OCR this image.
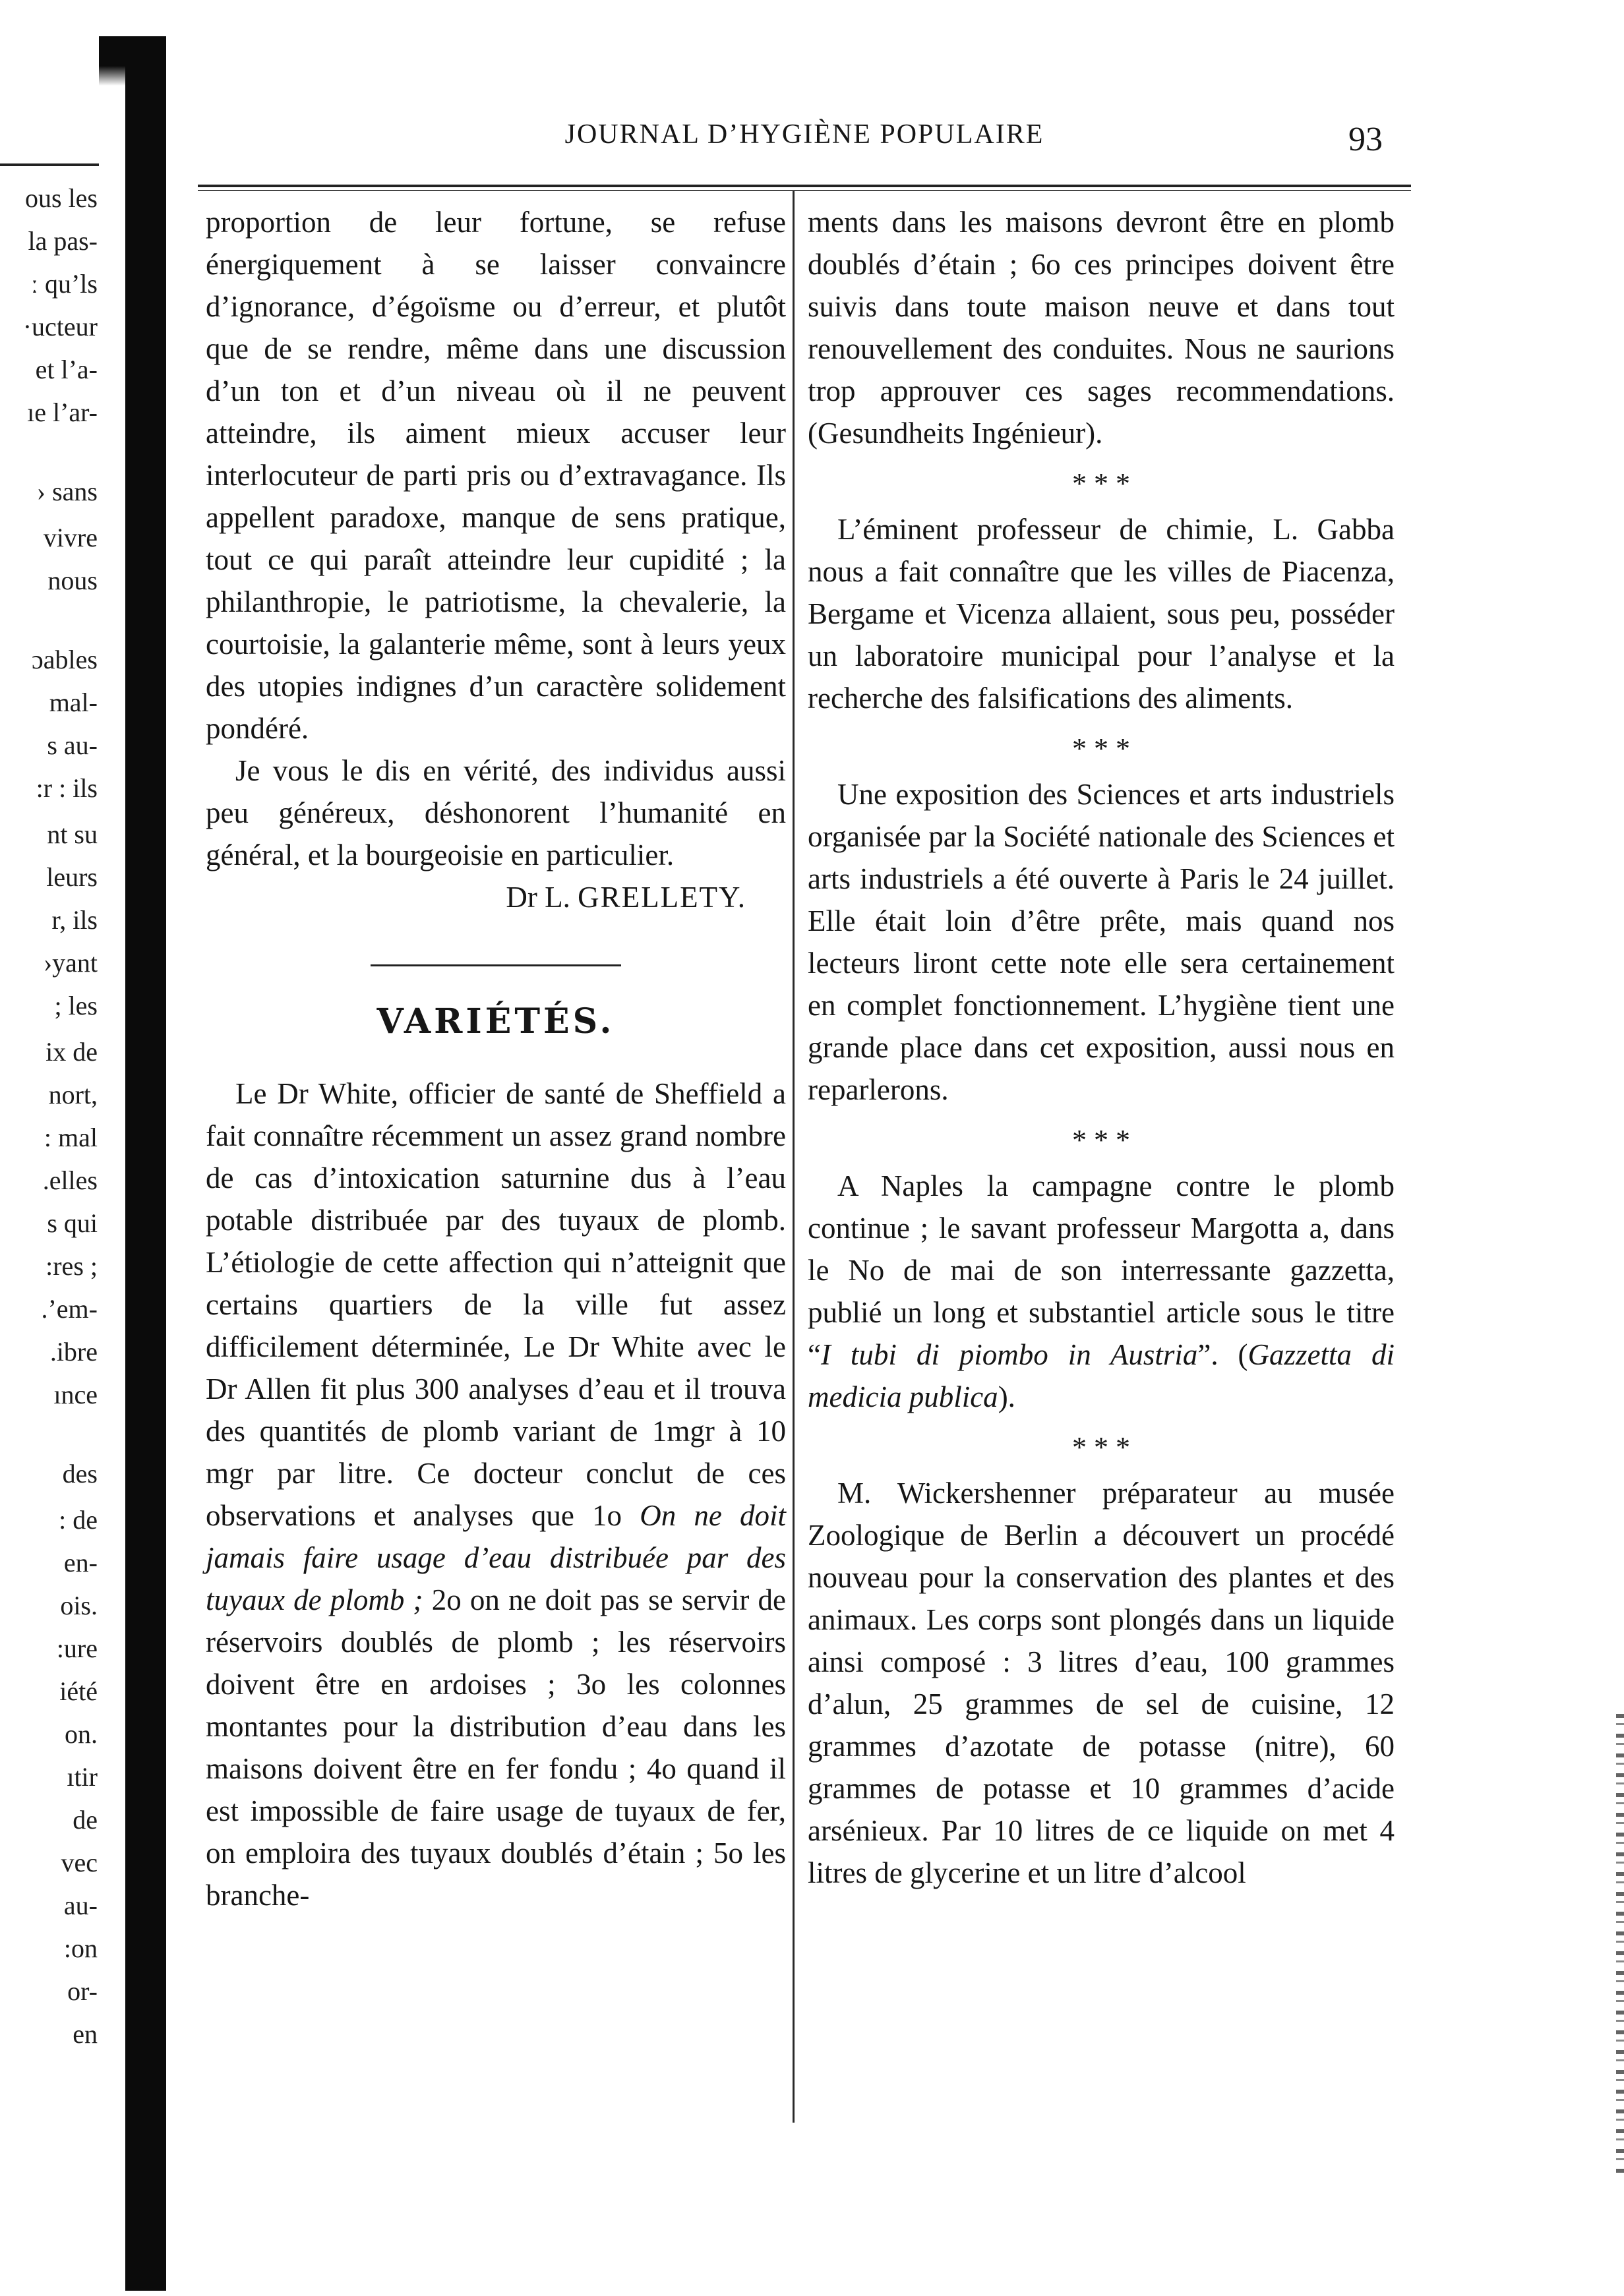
ous les
la pas-
ː qu’ls
·ucteur
et l’a-
ıe l’ar-
› sans
vivre
nous
ɔables
mal-
s au-
:r : ils
nt su
leurs
r, ils
›yant
; les
ix de
nort,
: mal
.elles
s qui
:res ;
.’em-
.ibre
ınce
des
: de
en-
ois.
:ure
iété
on.
ıtir
de
vec
au-
:on
or-
en
JOURNAL D’HYGIÈNE POPULAIRE	93

proportion de leur fortune, se refuse énergiquement à se laisser convaincre d’ignorance, d’égoïsme ou d’erreur, et plutôt que de se rendre, même dans une discussion d’un ton et d’un niveau où il ne peuvent atteindre, ils aiment mieux accuser leur interlocuteur de parti pris ou d’extravagance. Ils appellent paradoxe, manque de sens pratique, tout ce qui paraît atteindre leur cupidité ; la philanthropie, le patriotisme, la chevalerie, la courtoisie, la galanterie même, sont à leurs yeux des utopies indignes d’un caractère solidement pondéré.

Je vous le dis en vérité, des individus aussi peu généreux, déshonorent l’humanité en général, et la bourgeoisie en particulier.

Dr L. GRELLETY.

VARIÉTÉS.

Le Dr White, officier de santé de Sheffield a fait connaître récemment un assez grand nombre de cas d’intoxication saturnine dus à l’eau potable distribuée par des tuyaux de plomb. L’étiologie de cette affection qui n’atteignit que certains quartiers de la ville fut assez difficilement déterminée, Le Dr White avec le Dr Allen fit plus 300 analyses d’eau et il trouva des quantités de plomb variant de 1mgr à 10 mgr par litre. Ce docteur conclut de ces observations et analyses que 1o On ne doit jamais faire usage d’eau distribuée par des tuyaux de plomb ; 2o on ne doit pas se servir de réservoirs doublés de plomb ; les réservoirs doivent être en ardoises ; 3o les colonnes montantes pour la distribution d’eau dans les maisons doivent être en fer fondu ; 4o quand il est impossible de faire usage de tuyaux de fer, on emploira des tuyaux doublés d’étain ; 5o les branche-

ments dans les maisons devront être en plomb doublés d’étain ; 6o ces principes doivent être suivis dans toute maison neuve et dans tout renouvellement des conduites. Nous ne saurions trop approuver ces sages recommendations. (Gesundheits Ingénieur).

* * *

L’éminent professeur de chimie, L. Gabba nous a fait connaître que les villes de Piacenza, Bergame et Vicenza allaient, sous peu, posséder un laboratoire municipal pour l’analyse et la recherche des falsifications des aliments.

* * *

Une exposition des Sciences et arts industriels organisée par la Société nationale des Sciences et arts industriels a été ouverte à Paris le 24 juillet. Elle était loin d’être prête, mais quand nos lecteurs liront cette note elle sera certainement en complet fonctionnement. L’hygiène tient une grande place dans cet exposition, aussi nous en reparlerons.

* * *

A Naples la campagne contre le plomb continue ; le savant professeur Margotta a, dans le No de mai de son interressante gazzetta, publié un long et substantiel article sous le titre “I tubi di piombo in Austria”. (Gazzetta di medicia publica).

* * *

M. Wickershenner préparateur au musée Zoologique de Berlin a découvert un procédé nouveau pour la conservation des plantes et des animaux. Les corps sont plongés dans un liquide ainsi composé : 3 litres d’eau, 100 grammes d’alun, 25 grammes de sel de cuisine, 12 grammes d’azotate de potasse (nitre), 60 grammes de potasse et 10 grammes d’acide arsénieux. Par 10 litres de ce liquide on met 4 litres de glycerine et un litre d’alcool
